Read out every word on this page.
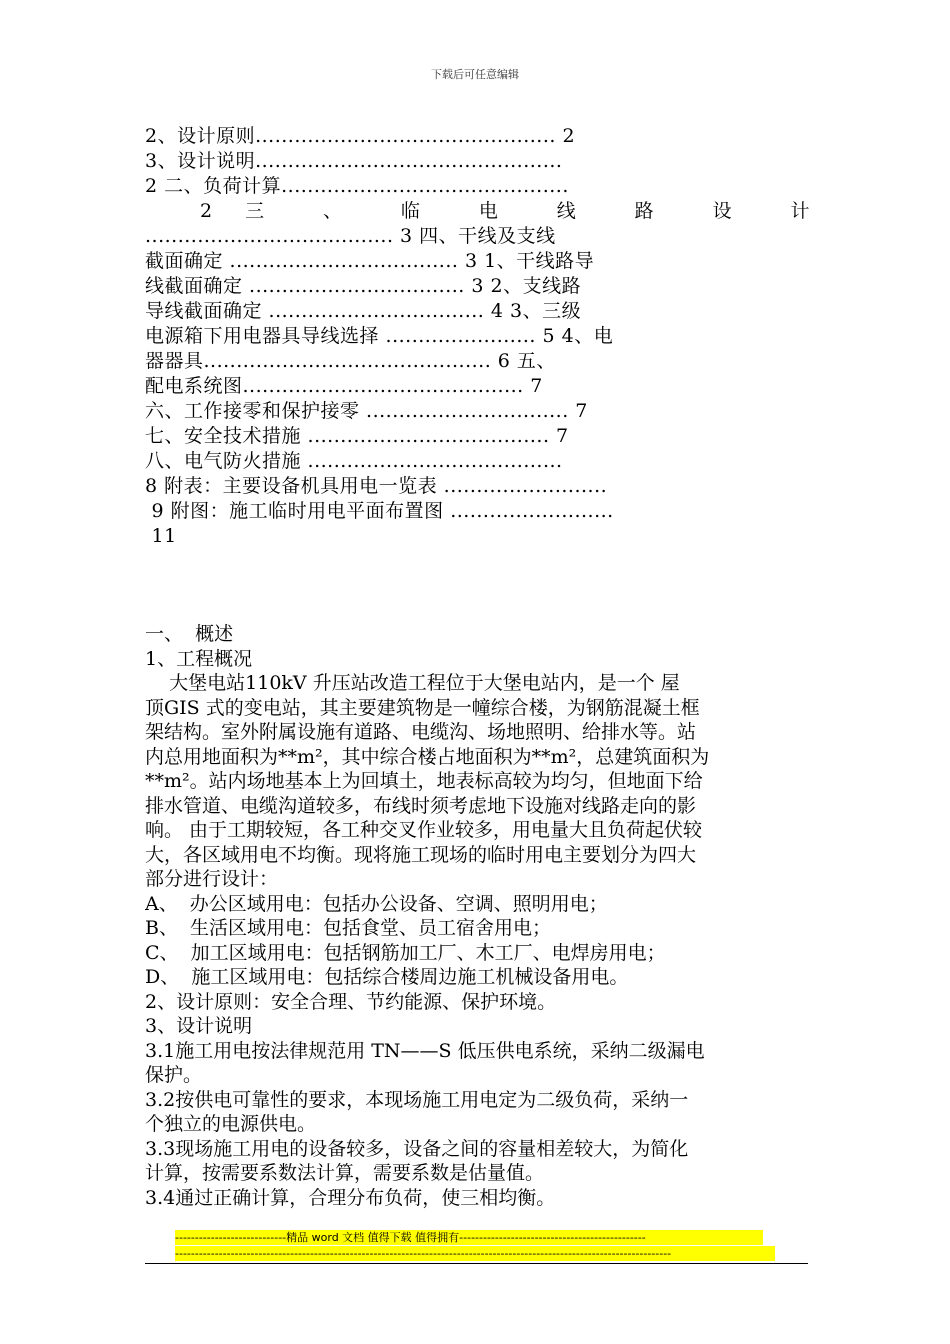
下载后可任意编辑
2、设计原则.............................................. 2
3、设计说明...............................................
2 二、负荷计算............................................
2 三 、 临 电 线 路 设 计
...................................... 3 四、干线及支线
截面确定 ................................... 3 1、干线路导
线截面确定 ................................. 3 2、支线路
导线截面确定 ................................. 4 3、三级
电源箱下用电器具导线选择 ....................... 5 4、电
器器具............................................ 6 五、
配电系统图........................................... 7
六、工作接零和保护接零 ............................... 7
七、安全技术措施 ..................................... 7
八、电气防火措施 .......................................
8 附表：主要设备机具用电一览表 .........................
9 附图：施工临时用电平面布置图 .........................
11
一、  概述
1、工程概况
大堡电站110kV 升压站改造工程位于大堡电站内，是一个 屋
顶GIS 式的变电站，其主要建筑物是一幢综合楼，为钢筋混凝土框
架结构。室外附属设施有道路、电缆沟、场地照明、给排水等。站
内总用地面积为**m²，其中综合楼占地面积为**m²，总建筑面积为
**m²。站内场地基本上为回填土，地表标高较为均匀，但地面下给
排水管道、电缆沟道较多，布线时须考虑地下设施对线路走向的影
响。 由于工期较短，各工种交叉作业较多，用电量大且负荷起伏较
大，各区域用电不均衡。现将施工现场的临时用电主要划分为四大
部分进行设计：
A、  办公区域用电：包括办公设备、空调、照明用电；
B、  生活区域用电：包括食堂、员工宿舍用电；
C、  加工区域用电：包括钢筋加工厂、木工厂、电焊房用电；
D、  施工区域用电：包括综合楼周边施工机械设备用电。
2、设计原则：安全合理、节约能源、保护环境。
3、设计说明
3.1施工用电按法律规范用 TN——S 低压供电系统，采纳二级漏电
保护。
3.2按供电可靠性的要求，本现场施工用电定为二级负荷，采纳一
个独立的电源供电。
3.3现场施工用电的设备较多，设备之间的容量相差较大，为简化
计算，按需要系数法计算，需要系数是估量值。
3.4通过正确计算，合理分布负荷，使三相均衡。
----------------------------精品 word 文档 值得下载 值得拥有-----------------------------------------------
-----------------------------------------------------------------------------------------------------------------------------
